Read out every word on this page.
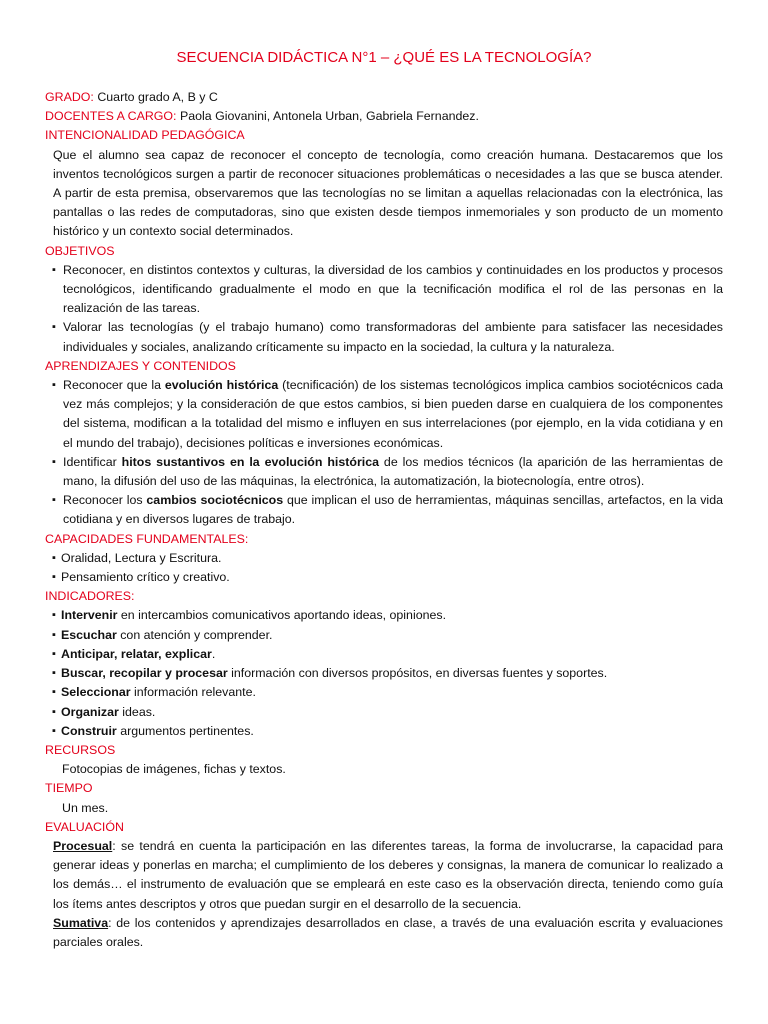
SECUENCIA DIDÁCTICA N°1 – ¿QUÉ ES LA TECNOLOGÍA?
GRADO: Cuarto grado A, B y C
DOCENTES A CARGO: Paola Giovanini, Antonela Urban, Gabriela Fernandez.
INTENCIONALIDAD PEDAGÓGICA
Que el alumno sea capaz de reconocer el concepto de tecnología, como creación humana. Destacaremos que los inventos tecnológicos surgen a partir de reconocer situaciones problemáticas o necesidades a las que se busca atender. A partir de esta premisa, observaremos que las tecnologías no se limitan a aquellas relacionadas con la electrónica, las pantallas o las redes de computadoras, sino que existen desde tiempos inmemoriales y son producto de un momento histórico y un contexto social determinados.
OBJETIVOS
▪ Reconocer, en distintos contextos y culturas, la diversidad de los cambios y continuidades en los productos y procesos tecnológicos, identificando gradualmente el modo en que la tecnificación modifica el rol de las personas en la realización de las tareas.
▪ Valorar las tecnologías (y el trabajo humano) como transformadoras del ambiente para satisfacer las necesidades individuales y sociales, analizando críticamente su impacto en la sociedad, la cultura y la naturaleza.
APRENDIZAJES Y CONTENIDOS
▪ Reconocer que la evolución histórica (tecnificación) de los sistemas tecnológicos implica cambios sociotécnicos cada vez más complejos; y la consideración de que estos cambios, si bien pueden darse en cualquiera de los componentes del sistema, modifican a la totalidad del mismo e influyen en sus interrelaciones (por ejemplo, en la vida cotidiana y en el mundo del trabajo), decisiones políticas e inversiones económicas.
▪ Identificar hitos sustantivos en la evolución histórica de los medios técnicos (la aparición de las herramientas de mano, la difusión del uso de las máquinas, la electrónica, la automatización, la biotecnología, entre otros).
▪ Reconocer los cambios sociotécnicos que implican el uso de herramientas, máquinas sencillas, artefactos, en la vida cotidiana y en diversos lugares de trabajo.
CAPACIDADES FUNDAMENTALES:
▪ Oralidad, Lectura y Escritura.
▪ Pensamiento crítico y creativo.
INDICADORES:
▪ Intervenir en intercambios comunicativos aportando ideas, opiniones.
▪ Escuchar con atención y comprender.
▪ Anticipar, relatar, explicar.
▪ Buscar, recopilar y procesar información con diversos propósitos, en diversas fuentes y soportes.
▪ Seleccionar información relevante.
▪ Organizar ideas.
▪ Construir argumentos pertinentes.
RECURSOS
Fotocopias de imágenes, fichas y textos.
TIEMPO
Un mes.
EVALUACIÓN
Procesual: se tendrá en cuenta la participación en las diferentes tareas, la forma de involucrarse, la capacidad para generar ideas y ponerlas en marcha; el cumplimiento de los deberes y consignas, la manera de comunicar lo realizado a los demás… el instrumento de evaluación que se empleará en este caso es la observación directa, teniendo como guía los ítems antes descriptos y otros que puedan surgir en el desarrollo de la secuencia.
Sumativa: de los contenidos y aprendizajes desarrollados en clase, a través de una evaluación escrita y evaluaciones parciales orales.
